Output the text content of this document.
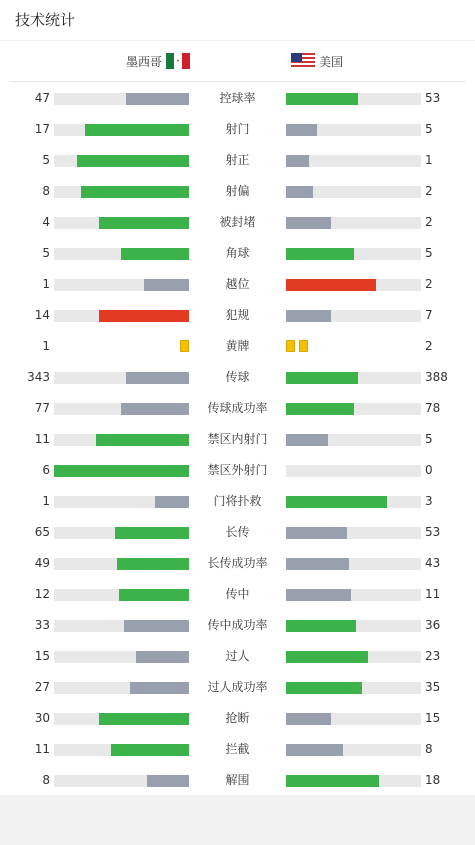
技术统计
墨西哥	•	美国
47	控球率	53
17	射门	5
5	射正	1
8	射偏	2
4	被封堵	2
5	角球	5
1	越位	2
14	犯规	7
1	黄牌	2
343	传球	388
77	传球成功率	78
11	禁区内射门	5
6	禁区外射门	0
1	门将扑救	3
65	长传	53
49	长传成功率	43
12	传中	11
33	传中成功率	36
15	过人	23
27	过人成功率	35
30	抢断	15
11	拦截	8
8	解围	18
